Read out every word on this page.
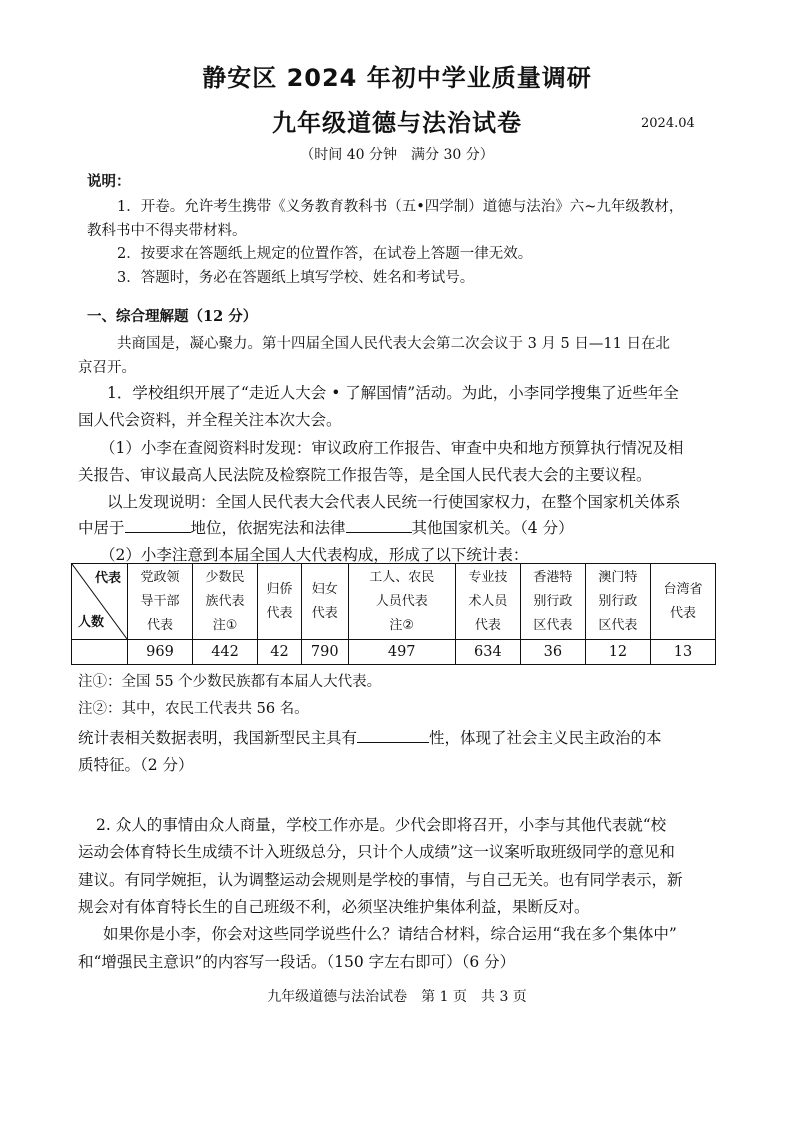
静安区 2024 年初中学业质量调研
九年级道德与法治试卷	2024.04
（时间 40 分钟　满分 30 分）
说明：
1．开卷。允许考生携带《义务教育教科书（五•四学制）道德与法治》六~九年级教材，
教科书中不得夹带材料。
2．按要求在答题纸上规定的位置作答，在试卷上答题一律无效。
3．答题时，务必在答题纸上填写学校、姓名和考试号。
一、综合理解题（12 分）
共商国是，凝心聚力。第十四届全国人民代表大会第二次会议于 3 月 5 日—11 日在北
京召开。
1．学校组织开展了“走近人大会 • 了解国情”活动。为此，小李同学搜集了近些年全
国人代会资料，并全程关注本次大会。
（1）小李在查阅资料时发现：审议政府工作报告、审查中央和地方预算执行情况及相
关报告、审议最高人民法院及检察院工作报告等，是全国人民代表大会的主要议程。
以上发现说明：全国人民代表大会代表人民统一行使国家权力，在整个国家机关体系
中居于	地位，依据宪法和法律	其他国家机关。（4 分）
（2）小李注意到本届全国人大代表构成，形成了以下统计表：
代表
人数	党政领
导干部
代表	少数民
族代表
注①	归侨
代表	妇女
代表	工人、农民
人员代表
注②	专业技
术人员
代表	香港特
别行政
区代表	澳门特
别行政
区代表	台湾省
代表

	969	442	42	790	497	634	36	12	13
注①：全国 55 个少数民族都有本届人大代表。
注②：其中，农民工代表共 56 名。
统计表相关数据表明，我国新型民主具有	性，体现了社会主义民主政治的本
质特征。（2 分）
2. 众人的事情由众人商量，学校工作亦是。少代会即将召开，小李与其他代表就“校
运动会体育特长生成绩不计入班级总分，只计个人成绩”这一议案听取班级同学的意见和
建议。有同学婉拒，认为调整运动会规则是学校的事情，与自己无关。也有同学表示，新
规会对有体育特长生的自己班级不利，必须坚决维护集体利益，果断反对。
如果你是小李，你会对这些同学说些什么？请结合材料，综合运用“我在多个集体中”
和“增强民主意识”的内容写一段话。（150 字左右即可）（6 分）
九年级道德与法治试卷　第 1 页　共 3 页
